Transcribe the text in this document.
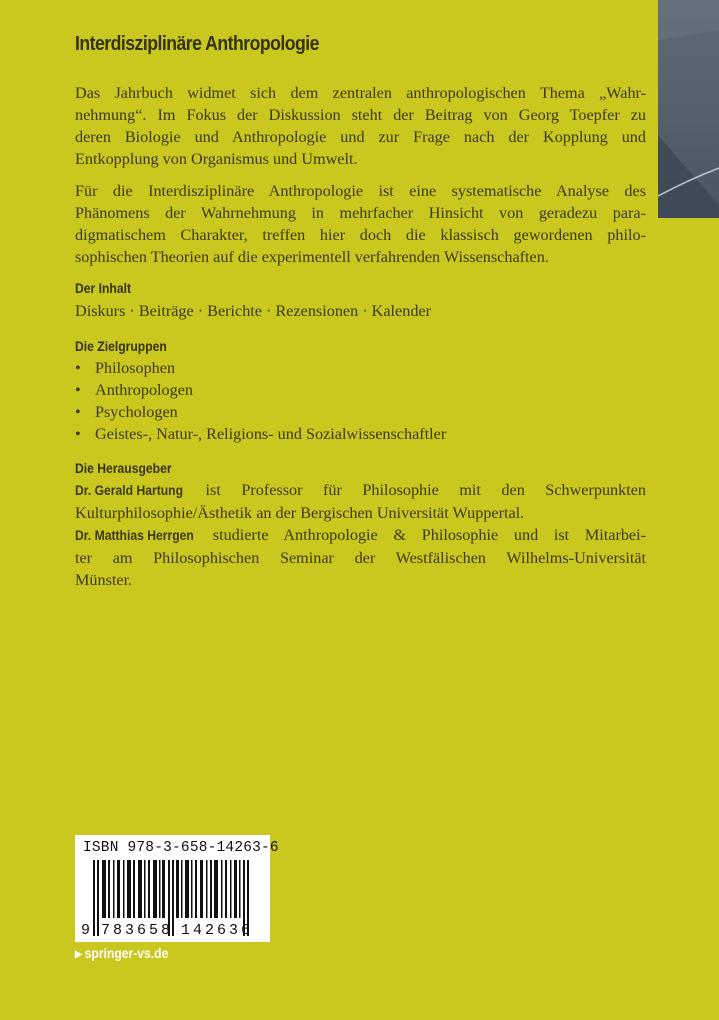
Interdisziplinäre Anthropologie
Das Jahrbuch widmet sich dem zentralen anthropologischen Thema „Wahr-
nehmung“. Im Fokus der Diskussion steht der Beitrag von Georg Toepfer zu
deren Biologie und Anthropologie und zur Frage nach der Kopplung und
Entkopplung von Organismus und Umwelt.
Für die Interdisziplinäre Anthropologie ist eine systematische Analyse des
Phänomens der Wahrnehmung in mehrfacher Hinsicht von geradezu para-
digmatischem Charakter, treffen hier doch die klassisch gewordenen philo-
sophischen Theorien auf die experimentell verfahrenden Wissenschaften.
Der Inhalt
Diskurs · Beiträge · Berichte · Rezensionen · Kalender
Die Zielgruppen
• Philosophen
• Anthropologen
• Psychologen
• Geistes-, Natur-, Religions- und Sozialwissenschaftler
Die Herausgeber
Dr. Gerald Hartung ist Professor für Philosophie mit den Schwerpunkten
Kulturphilosophie/Ästhetik an der Bergischen Universität Wuppertal.
Dr. Matthias Herrgen studierte Anthropologie & Philosophie und ist Mitarbei-
ter am Philosophischen Seminar der Westfälischen Wilhelms-Universität
Münster.
ISBN 978-3-658-14263-6
9 783658 142636
▶ springer-vs.de
